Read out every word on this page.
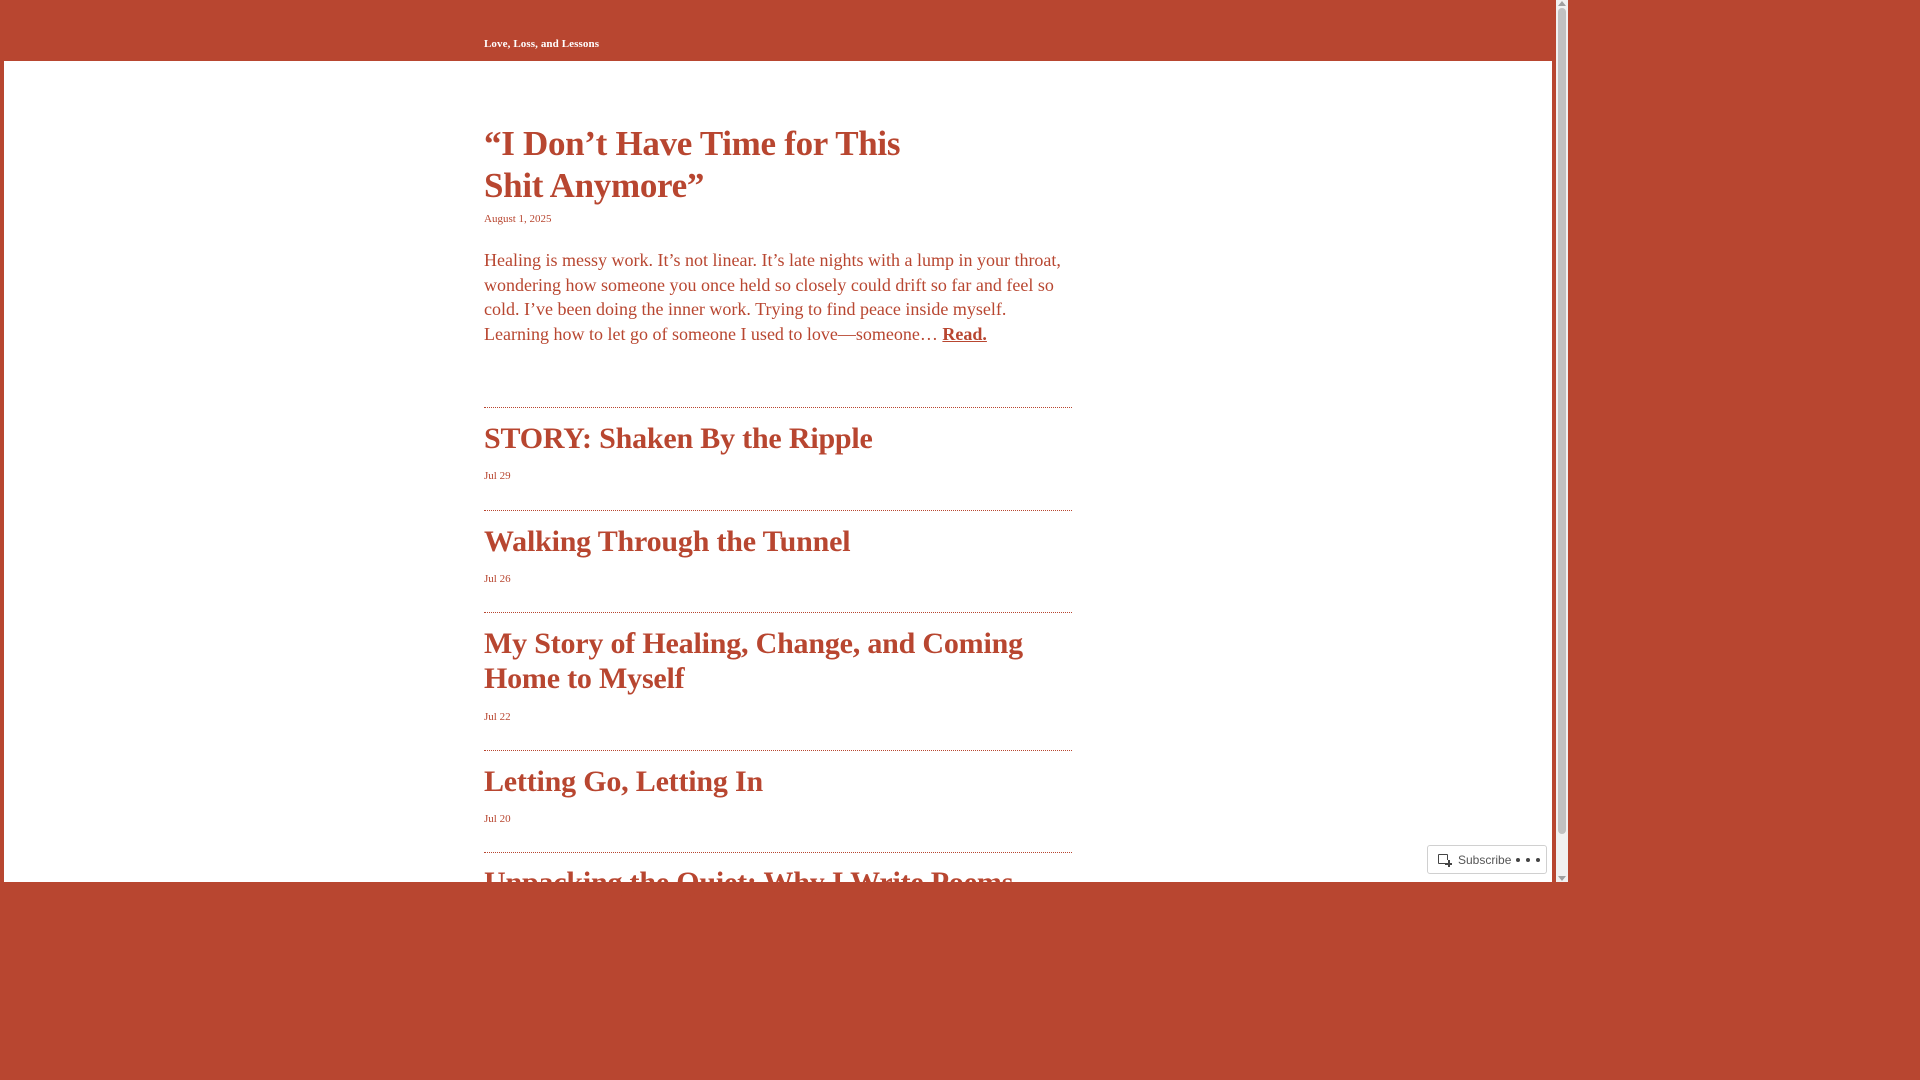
Love, Loss, and Lessons
“I Don’t Have Time for This Shit Anymore”
August 1, 2025

Healing is messy work. It’s not linear. It’s late nights with a lump in your throat, wondering how someone you once held so closely could drift so far and feel so cold. I’ve been doing the inner work. Trying to find peace inside myself. Learning how to let go of someone I used to love—someone… Read.

STORY: Shaken By the Ripple
Jul 29
Walking Through the Tunnel
Jul 26
My Story of Healing, Change, and Coming Home to Myself
Jul 22
Letting Go, Letting In
Jul 20
Unpacking the Quiet: Why I Write Poems
Subscribe
